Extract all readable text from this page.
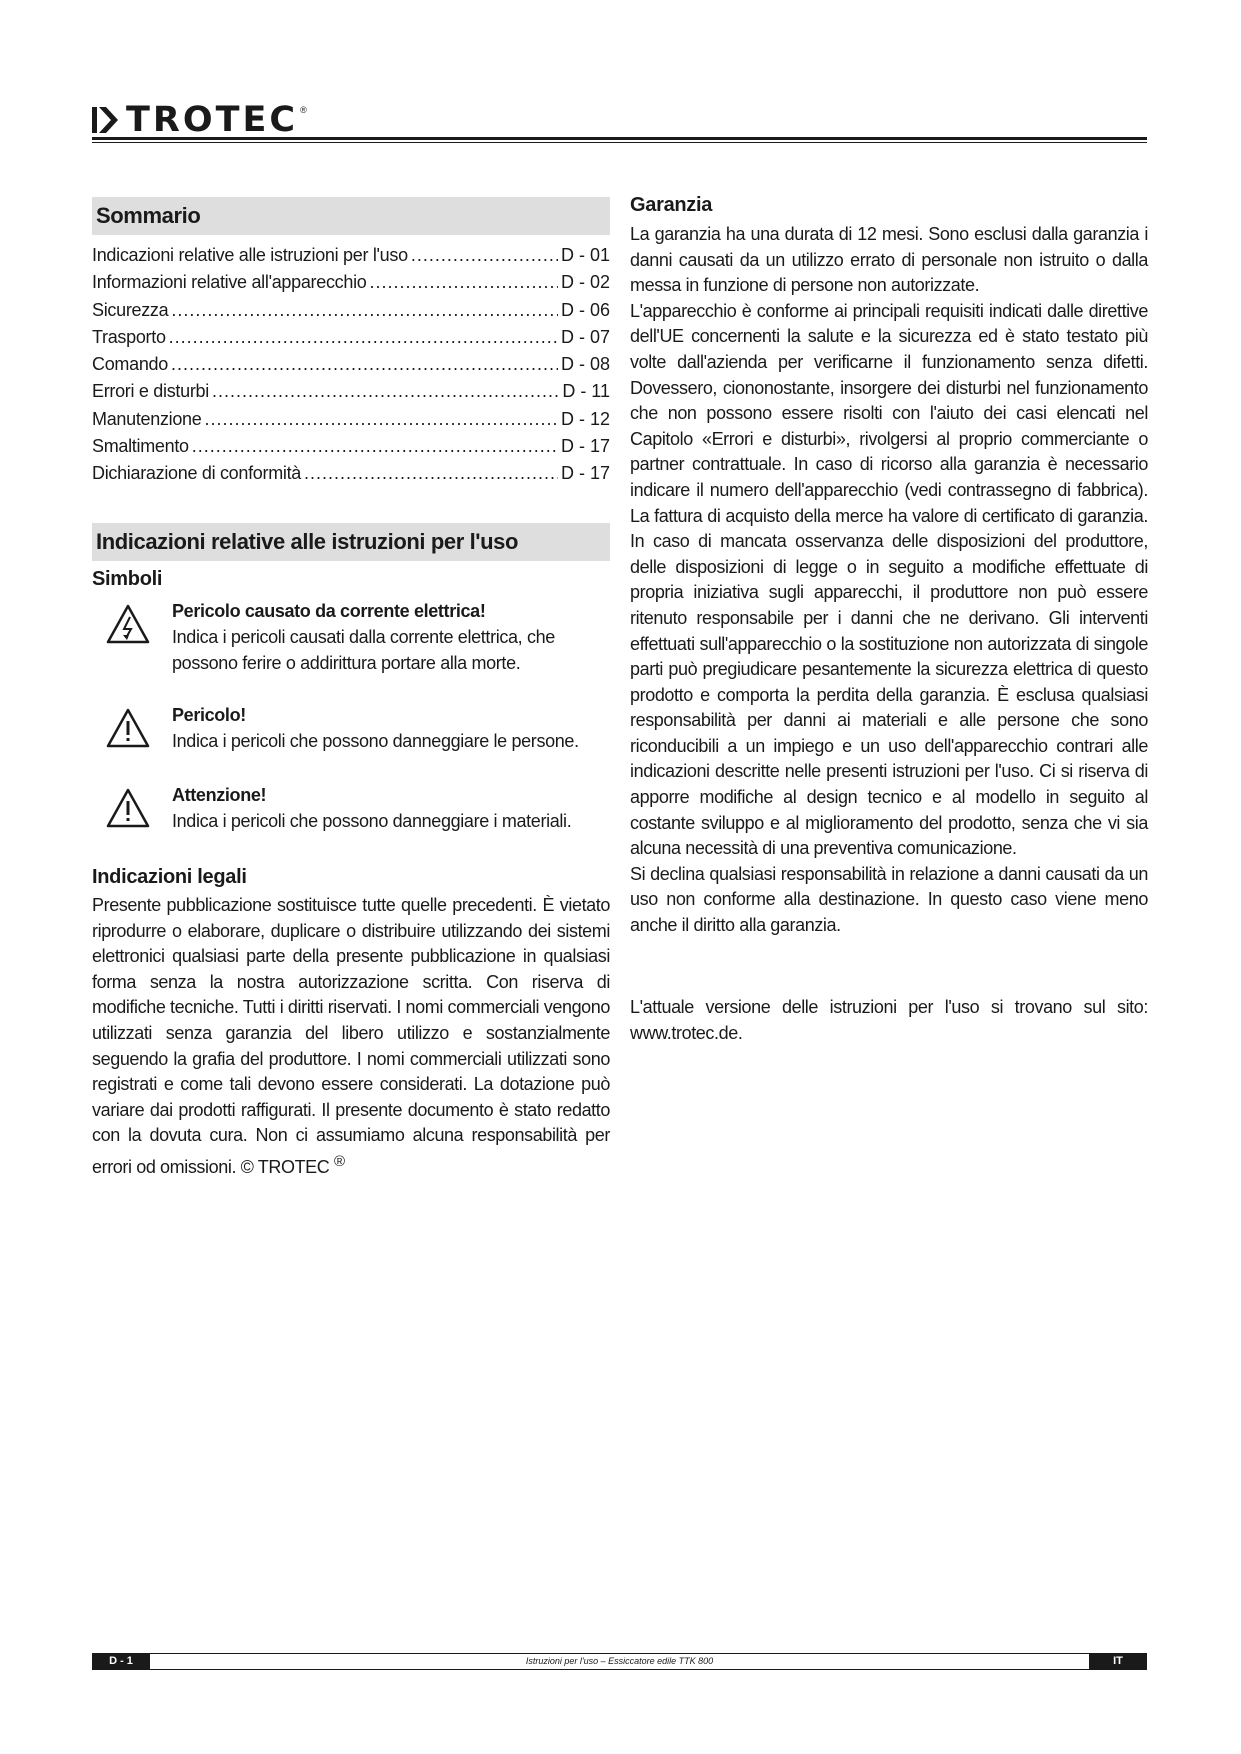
TROTEC ®
Sommario
Indicazioni relative alle istruzioni per l'uso .....	D - 01
Informazioni relative all'apparecchio .....	D - 02
Sicurezza .....	D - 06
Trasporto .....	D - 07
Comando .....	D - 08
Errori e disturbi .....	D - 11
Manutenzione .....	D - 12
Smaltimento .....	D - 17
Dichiarazione di conformità .....	D - 17
Indicazioni relative alle istruzioni per l'uso
Simboli
Pericolo causato da corrente elettrica!
Indica i pericoli causati dalla corrente elettrica, che possono ferire o addirittura portare alla morte.
Pericolo!
Indica i pericoli che possono danneggiare le persone.
Attenzione!
Indica i pericoli che possono danneggiare i materiali.
Indicazioni legali

Presente pubblicazione sostituisce tutte quelle precedenti. È vietato riprodurre o elaborare, duplicare o distribuire utilizzando dei sistemi elettronici qualsiasi parte della presente pubblicazione in qualsiasi forma senza la nostra autorizzazione scritta. Con riserva di modifiche tecniche. Tutti i diritti riservati. I nomi commerciali vengono utilizzati senza garanzia del libero utilizzo e sostanzialmente seguendo la grafia del produttore. I nomi commerciali utilizzati sono registrati e come tali devono essere considerati. La dotazione può variare dai prodotti raffigurati. Il presente documento è stato redatto con la dovuta cura. Non ci assumiamo alcuna responsabilità per errori od omissioni. © TROTEC ®

Garanzia

La garanzia ha una durata di 12 mesi. Sono esclusi dalla garanzia i danni causati da un utilizzo errato di personale non istruito o dalla messa in funzione di persone non autorizzate.

L'apparecchio è conforme ai principali requisiti indicati dalle direttive dell'UE concernenti la salute e la sicurezza ed è stato testato più volte dall'azienda per verificarne il funzionamento senza difetti. Dovessero, ciononostante, insorgere dei disturbi nel funzionamento che non possono essere risolti con l'aiuto dei casi elencati nel Capitolo «Errori e disturbi», rivolgersi al proprio commerciante o partner contrattuale. In caso di ricorso alla garanzia è necessario indicare il numero dell'apparecchio (vedi contrassegno di fabbrica). La fattura di acquisto della merce ha valore di certificato di garanzia. In caso di mancata osservanza delle disposizioni del produttore, delle disposizioni di legge o in seguito a modifiche effettuate di propria iniziativa sugli apparecchi, il produttore non può essere ritenuto responsabile per i danni che ne derivano. Gli interventi effettuati sull'apparecchio o la sostituzione non autorizzata di singole parti può pregiudicare pesantemente la sicurezza elettrica di questo prodotto e comporta la perdita della garanzia. È esclusa qualsiasi responsabilità per danni ai materiali e alle persone che sono riconducibili a un impiego e un uso dell'apparecchio contrari alle indicazioni descritte nelle presenti istruzioni per l'uso. Ci si riserva di apporre modifiche al design tecnico e al modello in seguito al costante sviluppo e al miglioramento del prodotto, senza che vi sia alcuna necessità di una preventiva comunicazione.

Si declina qualsiasi responsabilità in relazione a danni causati da un uso non conforme alla destinazione. In questo caso viene meno anche il diritto alla garanzia.

L'attuale versione delle istruzioni per l'uso si trovano sul sito: www.trotec.de.
D - 1	Istruzioni per l'uso – Essiccatore edile TTK 800	IT
